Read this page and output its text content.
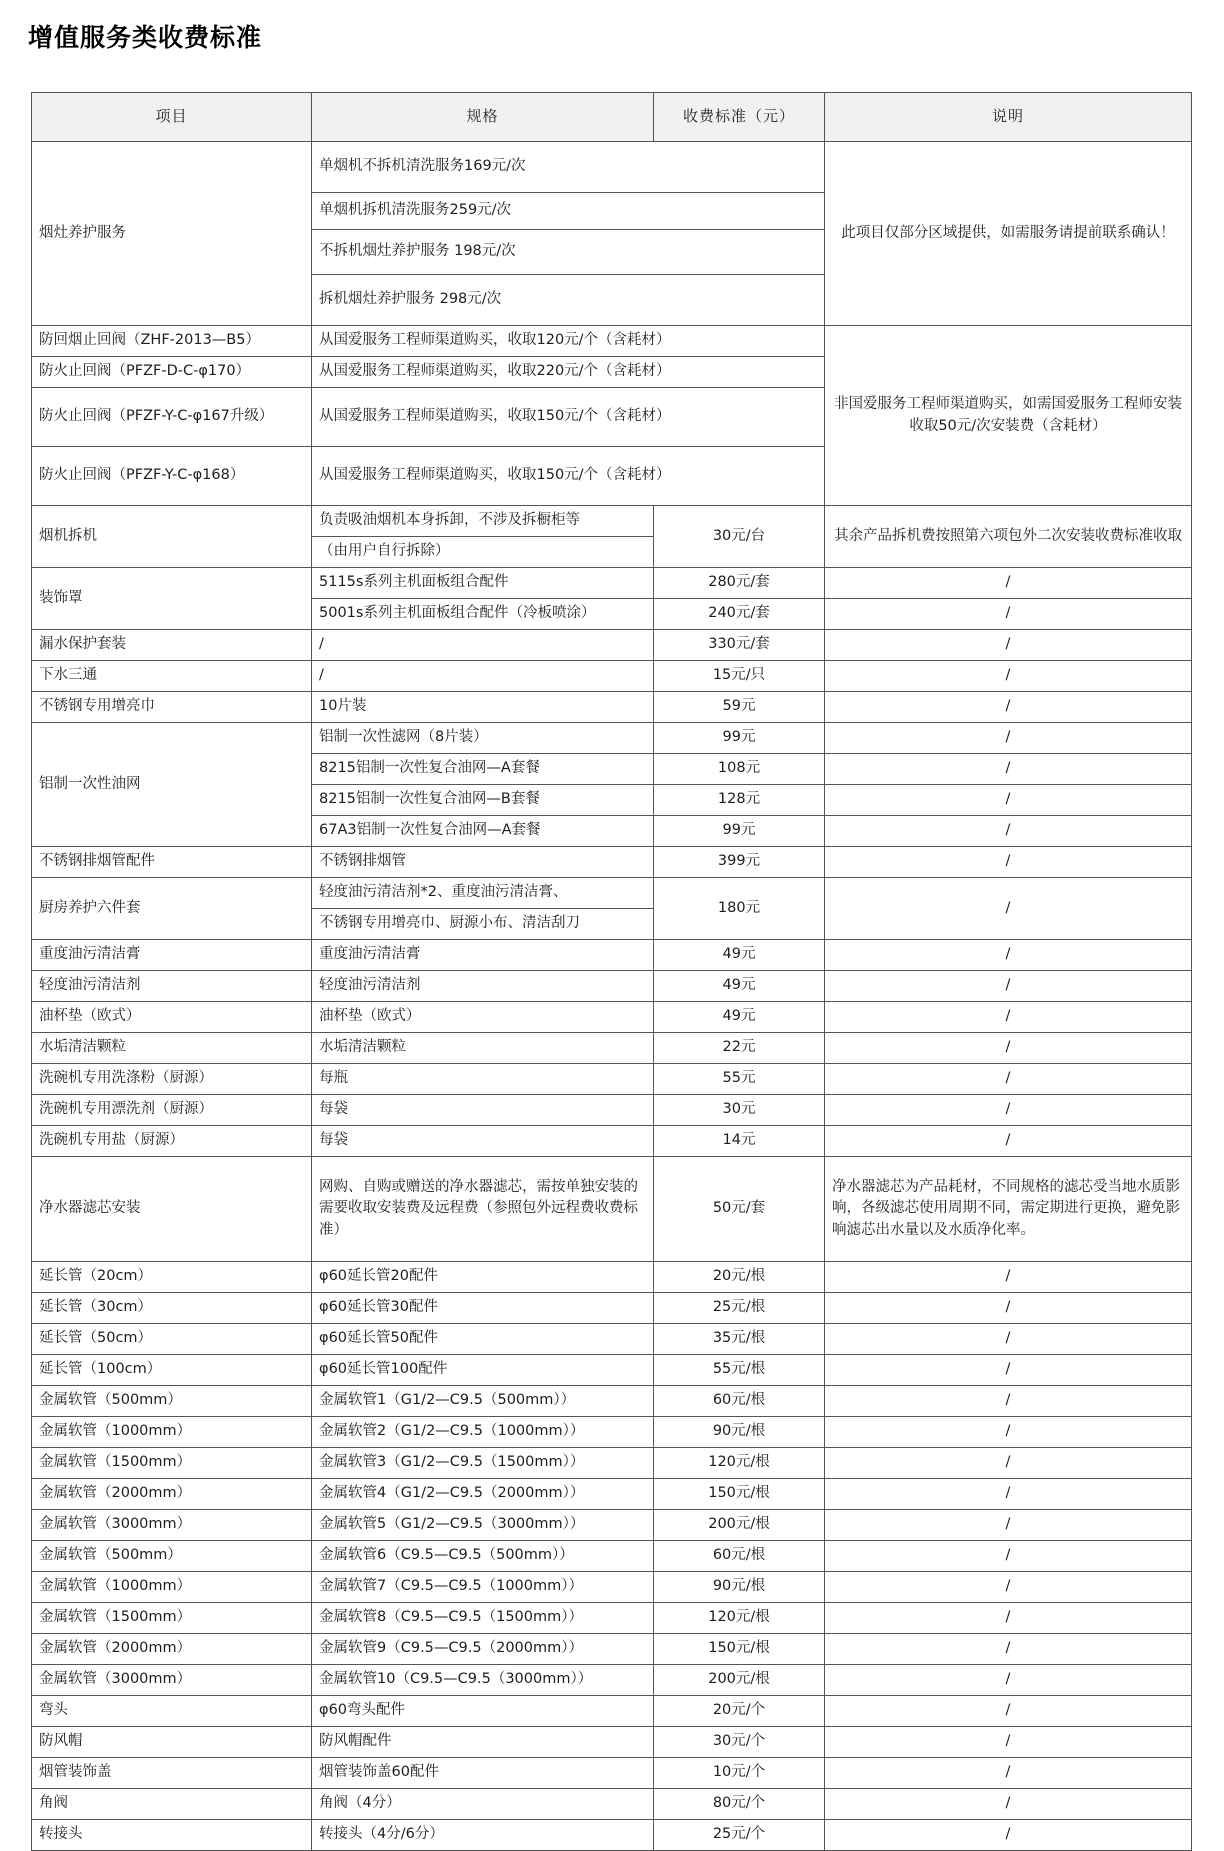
增值服务类收费标准
项目	规格	收费标准（元）	说明
烟灶养护服务	单烟机不拆机清洗服务169元/次		此项目仅部分区域提供，如需服务请提前联系确认！
	单烟机拆机清洗服务259元/次		
	不拆机烟灶养护服务 198元/次		
	拆机烟灶养护服务 298元/次		
防回烟止回阀（ZHF-2013—B5）	从国爱服务工程师渠道购买，收取120元/个（含耗材）		非国爱服务工程师渠道购买，如需国爱服务工程师安装收取50元/次安装费（含耗材）
防火止回阀（PFZF-D-C-φ170）	从国爱服务工程师渠道购买，收取220元/个（含耗材）		
防火止回阀（PFZF-Y-C-φ167升级）	从国爱服务工程师渠道购买，收取150元/个（含耗材）		
防火止回阀（PFZF-Y-C-φ168）	从国爱服务工程师渠道购买，收取150元/个（含耗材）		
烟机拆机	负责吸油烟机本身拆卸，不涉及拆橱柜等	30元/台	其余产品拆机费按照第六项包外二次安装收费标准收取
	（由用户自行拆除）		
装饰罩	5115s系列主机面板组合配件	280元/套	/
	5001s系列主机面板组合配件（冷板喷涂）	240元/套	/
漏水保护套装	/	330元/套	/
下水三通	/	15元/只	/
不锈钢专用增亮巾	10片装	59元	/
铝制一次性油网	铝制一次性滤网（8片装）	99元	/
	8215铝制一次性复合油网—A套餐	108元	/
	8215铝制一次性复合油网—B套餐	128元	/
	67A3铝制一次性复合油网—A套餐	99元	/
不锈钢排烟管配件	不锈钢排烟管	399元	/
厨房养护六件套	轻度油污清洁剂*2、重度油污清洁膏、	180元	/
	不锈钢专用增亮巾、厨源小布、清洁刮刀		
重度油污清洁膏	重度油污清洁膏	49元	/
轻度油污清洁剂	轻度油污清洁剂	49元	/
油杯垫（欧式）	油杯垫（欧式）	49元	/
水垢清洁颗粒	水垢清洁颗粒	22元	/
洗碗机专用洗涤粉（厨源）	每瓶	55元	/
洗碗机专用漂洗剂（厨源）	每袋	30元	/
洗碗机专用盐（厨源）	每袋	14元	/
净水器滤芯安装	网购、自购或赠送的净水器滤芯，需按单独安装的需要收取安装费及远程费（参照包外远程费收费标准）	50元/套	净水器滤芯为产品耗材，不同规格的滤芯受当地水质影响，各级滤芯使用周期不同，需定期进行更换，避免影响滤芯出水量以及水质净化率。
延长管（20cm）	φ60延长管20配件	20元/根	/
延长管（30cm）	φ60延长管30配件	25元/根	/
延长管（50cm）	φ60延长管50配件	35元/根	/
延长管（100cm）	φ60延长管100配件	55元/根	/
金属软管（500mm）	金属软管1（G1/2—C9.5（500mm））	60元/根	/
金属软管（1000mm）	金属软管2（G1/2—C9.5（1000mm））	90元/根	/
金属软管（1500mm）	金属软管3（G1/2—C9.5（1500mm））	120元/根	/
金属软管（2000mm）	金属软管4（G1/2—C9.5（2000mm））	150元/根	/
金属软管（3000mm）	金属软管5（G1/2—C9.5（3000mm））	200元/根	/
金属软管（500mm）	金属软管6（C9.5—C9.5（500mm））	60元/根	/
金属软管（1000mm）	金属软管7（C9.5—C9.5（1000mm））	90元/根	/
金属软管（1500mm）	金属软管8（C9.5—C9.5（1500mm））	120元/根	/
金属软管（2000mm）	金属软管9（C9.5—C9.5（2000mm））	150元/根	/
金属软管（3000mm）	金属软管10（C9.5—C9.5（3000mm））	200元/根	/
弯头	φ60弯头配件	20元/个	/
防风帽	防风帽配件	30元/个	/
烟管装饰盖	烟管装饰盖60配件	10元/个	/
角阀	角阀（4分）	80元/个	/
转接头	转接头（4分/6分）	25元/个	/
